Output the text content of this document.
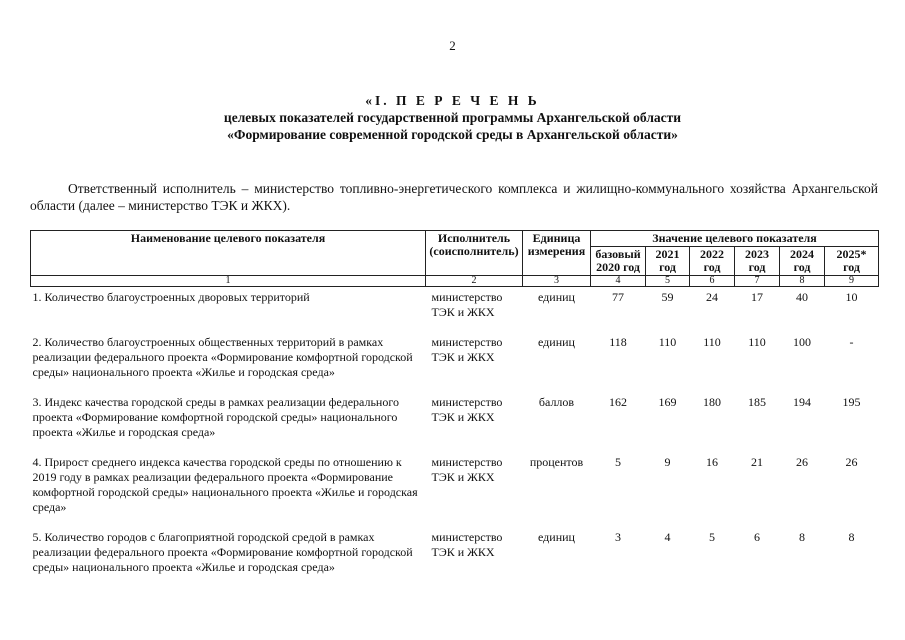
2
«I. П Е Р Е Ч Е Н Ь
целевых показателей государственной программы Архангельской области
«Формирование современной городской среды в Архангельской области»
Ответственный исполнитель – министерство топливно-энергетического комплекса и жилищно-коммунального хозяйства Архангельской области (далее – министерство ТЭК и ЖКХ).
Наименование целевого показателя	Исполнитель (соисполнитель)	Единица измерения	Значение целевого показателя					
			базовый 2020 год	2021 год	2022 год	2023 год	2024 год	2025* год
1	2	3	4	5	6	7	8	9
1. Количество благоустроенных дворовых территорий	министерство ТЭК и ЖКХ	единиц	77	59	24	17	40	10
2. Количество благоустроенных общественных территорий в рамках реализации федерального проекта «Формирование комфортной городской среды» национального проекта «Жилье и городская среда»	министерство ТЭК и ЖКХ	единиц	118	110	110	110	100	-
3. Индекс качества городской среды в рамках реализации федерального проекта «Формирование комфортной городской среды» национального проекта «Жилье и городская среда»	министерство ТЭК и ЖКХ	баллов	162	169	180	185	194	195
4. Прирост среднего индекса качества городской среды по отношению к 2019 году в рамках реализации федерального проекта «Формирование комфортной городской среды» национального проекта «Жилье и городская среда»	министерство ТЭК и ЖКХ	процентов	5	9	16	21	26	26
5. Количество городов с благоприятной городской средой в рамках реализации федерального проекта «Формирование комфортной городской среды» национального проекта «Жилье и городская среда»	министерство ТЭК и ЖКХ	единиц	3	4	5	6	8	8
